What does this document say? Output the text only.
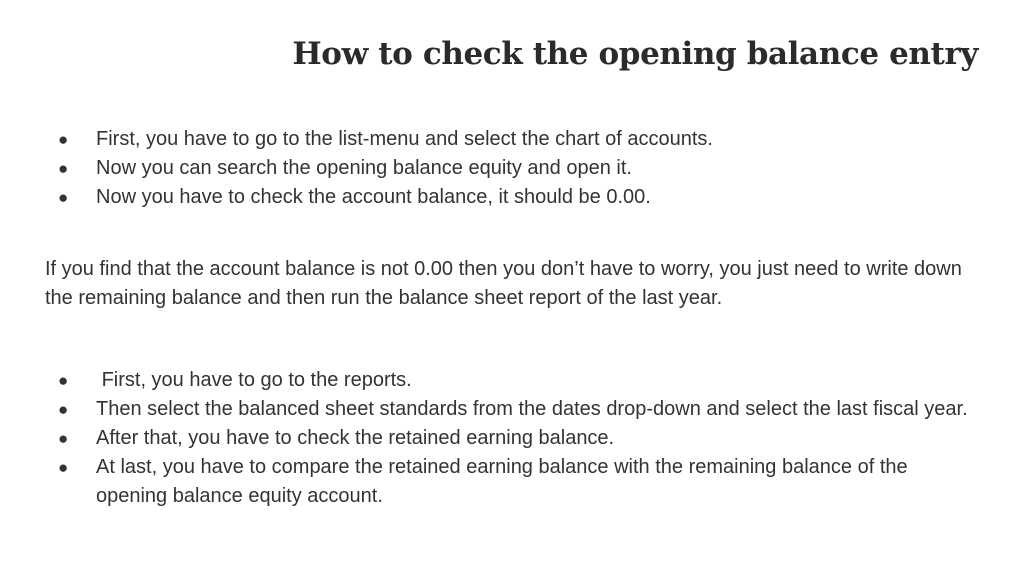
How to check the opening balance entry
● First, you have to go to the list-menu and select the chart of accounts.
● Now you can search the opening balance equity and open it.
● Now you have to check the account balance, it should be 0.00.

If you find that the account balance is not 0.00 then you don’t have to worry, you just need to write down the remaining balance and then run the balance sheet report of the last year.

● First, you have to go to the reports.
● Then select the balanced sheet standards from the dates drop-down and select the last fiscal year.
● After that, you have to check the retained earning balance.
● At last, you have to compare the retained earning balance with the remaining balance of the opening balance equity account.
